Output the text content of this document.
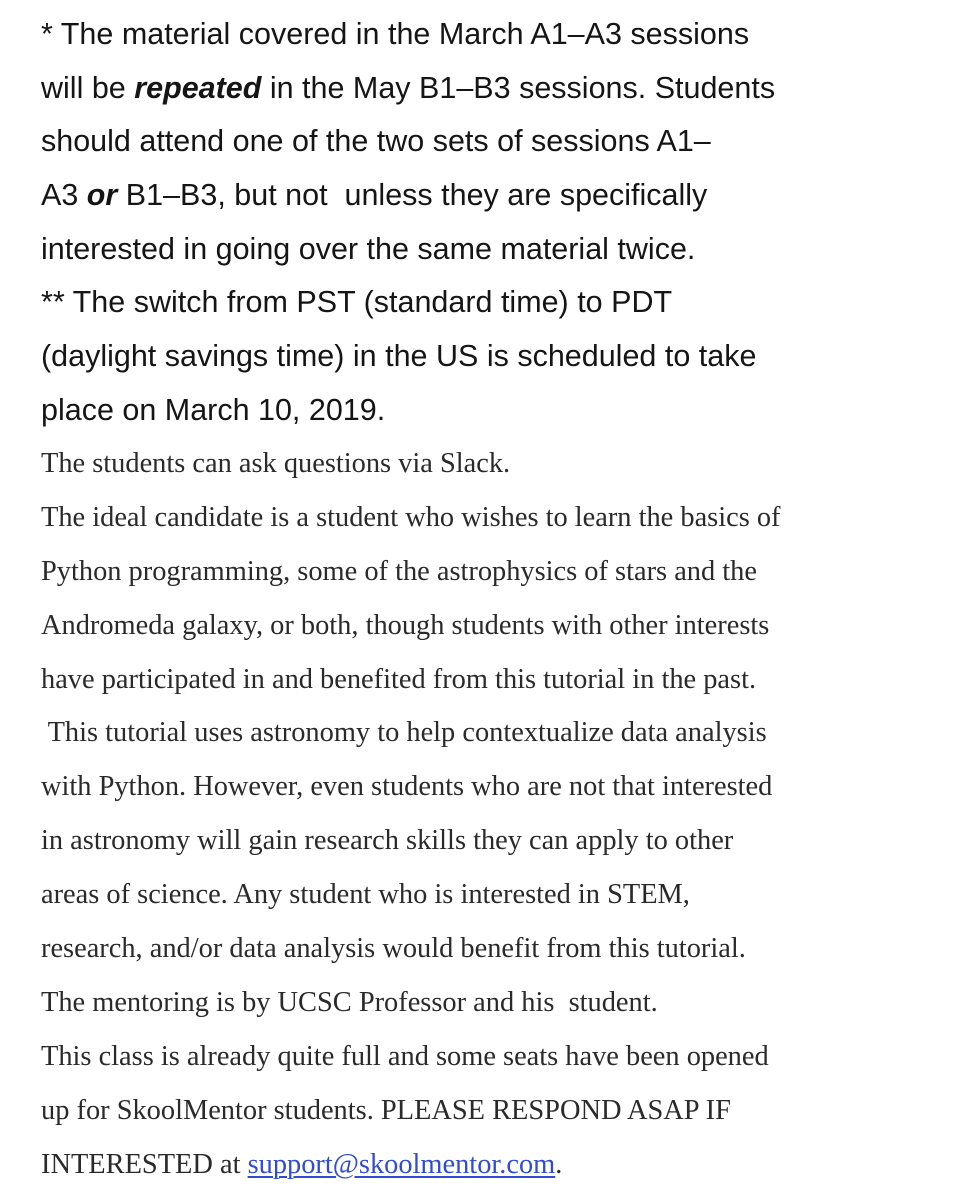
* The material covered in the March A1–A3 sessions
will be repeated in the May B1–B3 sessions. Students
should attend one of the two sets of sessions A1–
A3 or B1–B3, but not  unless they are specifically
interested in going over the same material twice.
** The switch from PST (standard time) to PDT
(daylight savings time) in the US is scheduled to take
place on March 10, 2019.
The students can ask questions via Slack.
The ideal candidate is a student who wishes to learn the basics of
Python programming, some of the astrophysics of stars and the
Andromeda galaxy, or both, though students with other interests
have participated in and benefited from this tutorial in the past.
This tutorial uses astronomy to help contextualize data analysis
with Python. However, even students who are not that interested
in astronomy will gain research skills they can apply to other
areas of science. Any student who is interested in STEM,
research, and/or data analysis would benefit from this tutorial.
The mentoring is by UCSC Professor and his  student.
This class is already quite full and some seats have been opened
up for SkoolMentor students. PLEASE RESPOND ASAP IF
INTERESTED at support@skoolmentor.com.
